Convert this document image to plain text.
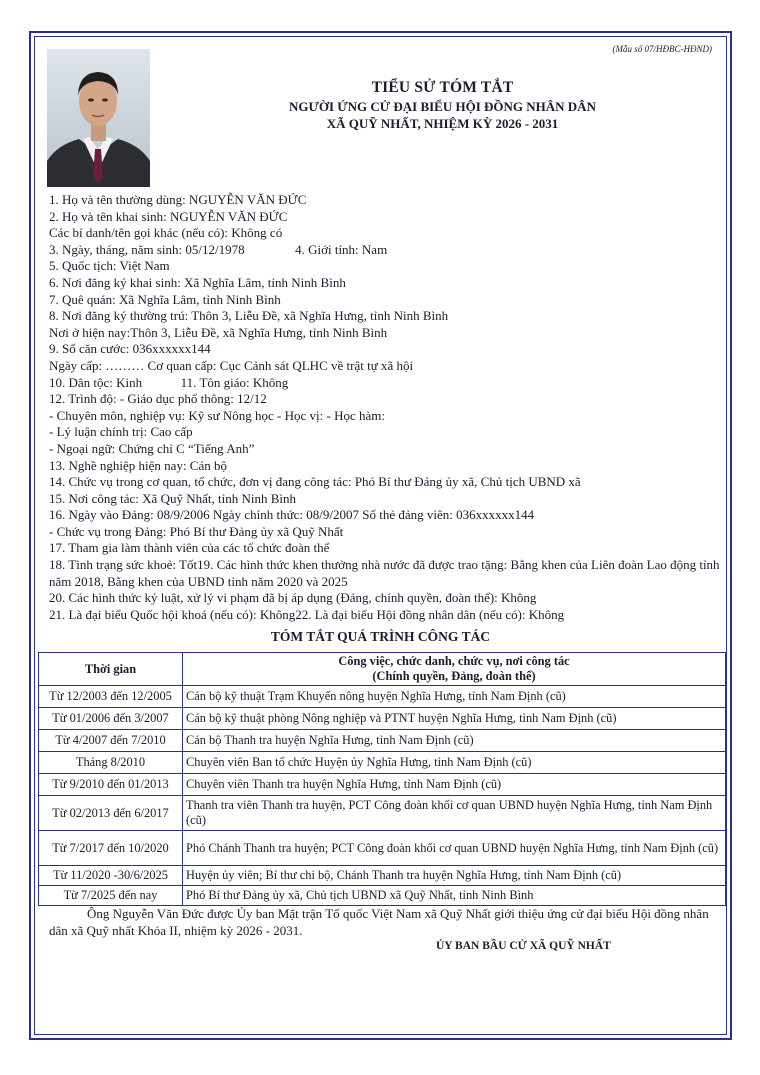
(Mẫu số 07/HĐBC-HĐND)
TIỂU SỬ TÓM TẮT
NGƯỜI ỨNG CỬ ĐẠI BIỂU HỘI ĐỒNG NHÂN DÂN
XÃ QUỸ NHẤT, NHIỆM KỲ 2026 - 2031
1. Họ và tên thường dùng: NGUYỄN VĂN ĐỨC
2. Họ và tên khai sinh: NGUYỄN VĂN ĐỨC
Các bí danh/tên gọi khác (nếu có): Không có
3. Ngày, tháng, năm sinh: 05/12/1978	4. Giới tính: Nam
5. Quốc tịch: Việt Nam
6. Nơi đăng ký khai sinh: Xã Nghĩa Lâm, tỉnh Ninh Bình
7. Quê quán: Xã Nghĩa Lâm, tỉnh Ninh Bình
8. Nơi đăng ký thường trú: Thôn 3, Liễu Đề, xã Nghĩa Hưng, tỉnh Ninh Bình
Nơi ở hiện nay:Thôn 3, Liễu Đề, xã Nghĩa Hưng, tỉnh Ninh Bình
9. Số căn cước: 036xxxxxx144
Ngày cấp: ……… Cơ quan cấp: Cục Cảnh sát QLHC về trật tự xã hội
10. Dân tộc: Kinh	11. Tôn giáo: Không
12. Trình độ: - Giáo dục phổ thông: 12/12
- Chuyên môn, nghiệp vụ: Kỹ sư Nông học - Học vị: - Học hàm:
- Lý luận chính trị: Cao cấp
- Ngoại ngữ: Chứng chỉ C “Tiếng Anh”
13. Nghề nghiệp hiện nay: Cán bộ
14. Chức vụ trong cơ quan, tổ chức, đơn vị đang công tác: Phó Bí thư Đảng ủy xã, Chủ tịch UBND xã
15. Nơi công tác: Xã Quỹ Nhất, tỉnh Ninh Bình
16. Ngày vào Đảng: 08/9/2006 Ngày chính thức: 08/9/2007 Số thẻ đảng viên: 036xxxxxx144
- Chức vụ trong Đảng: Phó Bí thư Đảng ủy xã Quỹ Nhất
17. Tham gia làm thành viên của các tổ chức đoàn thể
18. Tình trạng sức khoẻ: Tốt19. Các hình thức khen thưởng nhà nước đã được trao tặng: Bằng khen của Liên đoàn Lao động tỉnh năm 2018, Bằng khen của UBND tỉnh năm 2020 và 2025
20. Các hình thức kỷ luật, xử lý vi phạm đã bị áp dụng (Đảng, chính quyền, đoàn thể): Không
21. Là đại biểu Quốc hội khoá (nếu có): Không22. Là đại biểu Hội đồng nhân dân (nếu có): Không
TÓM TẮT QUÁ TRÌNH CÔNG TÁC
Thời gian	Công việc, chức danh, chức vụ, nơi công tác
(Chính quyền, Đảng, đoàn thể)

Từ 12/2003 đến 12/2005	Cán bộ kỹ thuật Trạm Khuyến nông huyện Nghĩa Hưng, tỉnh Nam Định (cũ)
Từ 01/2006 đến 3/2007	Cán bộ kỹ thuật phòng Nông nghiệp và PTNT huyện Nghĩa Hưng, tỉnh Nam Định (cũ)
Từ 4/2007 đến 7/2010	Cán bộ Thanh tra huyện Nghĩa Hưng, tỉnh Nam Định (cũ)
Tháng 8/2010	Chuyên viên Ban tổ chức Huyện ủy Nghĩa Hưng, tỉnh Nam Định (cũ)
Từ 9/2010 đến 01/2013	Chuyên viên Thanh tra huyện Nghĩa Hưng, tỉnh Nam Định (cũ)
Từ 02/2013 đến 6/2017	Thanh tra viên Thanh tra huyện, PCT Công đoàn khối cơ quan UBND huyện Nghĩa Hưng, tỉnh Nam Định (cũ)
Từ 7/2017 đến 10/2020	Phó Chánh Thanh tra huyện; PCT Công đoàn khối cơ quan UBND huyện Nghĩa Hưng, tỉnh Nam Định (cũ)
Từ 11/2020 -30/6/2025	Huyện ủy viên; Bí thư chi bộ, Chánh Thanh tra huyện Nghĩa Hưng, tỉnh Nam Định (cũ)
Từ 7/2025 đến nay	Phó Bí thư Đảng ủy xã, Chủ tịch UBND xã Quỹ Nhất, tỉnh Ninh Bình
Ông Nguyễn Văn Đức được Ủy ban Mặt trận Tổ quốc Việt Nam xã Quỹ Nhất giới thiệu ứng cử đại biểu Hội đồng nhân dân xã Quỹ nhất Khóa II, nhiệm kỳ 2026 - 2031.
ỦY BAN BẦU CỬ XÃ QUỸ NHẤT
